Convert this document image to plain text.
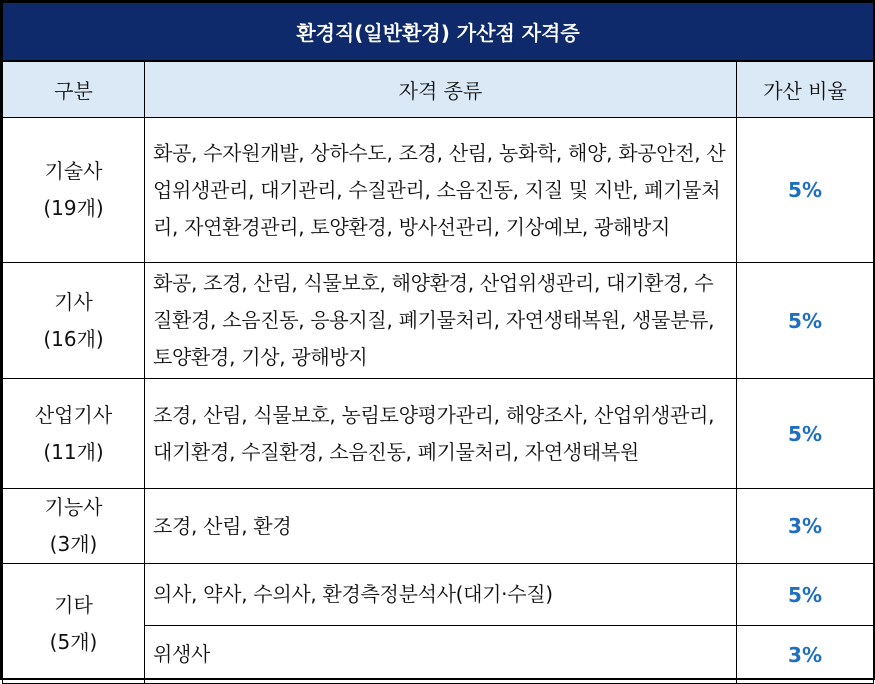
환경직(일반환경) 가산점 자격증		
구분	자격 종류	가산 비율

기술사
(19개)	화공, 수자원개발, 상하수도, 조경, 산림, 농화학, 해양, 화공안전, 산업위생관리, 대기관리, 수질관리, 소음진동, 지질 및 지반, 폐기물처리, 자연환경관리, 토양환경, 방사선관리, 기상예보, 광해방지	5%

기사
(16개)	화공, 조경, 산림, 식물보호, 해양환경, 산업위생관리, 대기환경, 수질환경, 소음진동, 응용지질, 폐기물처리, 자연생태복원, 생물분류, 토양환경, 기상, 광해방지	5%

산업기사
(11개)	조경, 산림, 식물보호, 농림토양평가관리, 해양조사, 산업위생관리, 대기환경, 수질환경, 소음진동, 폐기물처리, 자연생태복원	5%

기능사
(3개)	조경, 산림, 환경	3%

기타
(5개)	의사, 약사, 수의사, 환경측정분석사(대기·수질)	5%
	위생사	3%
